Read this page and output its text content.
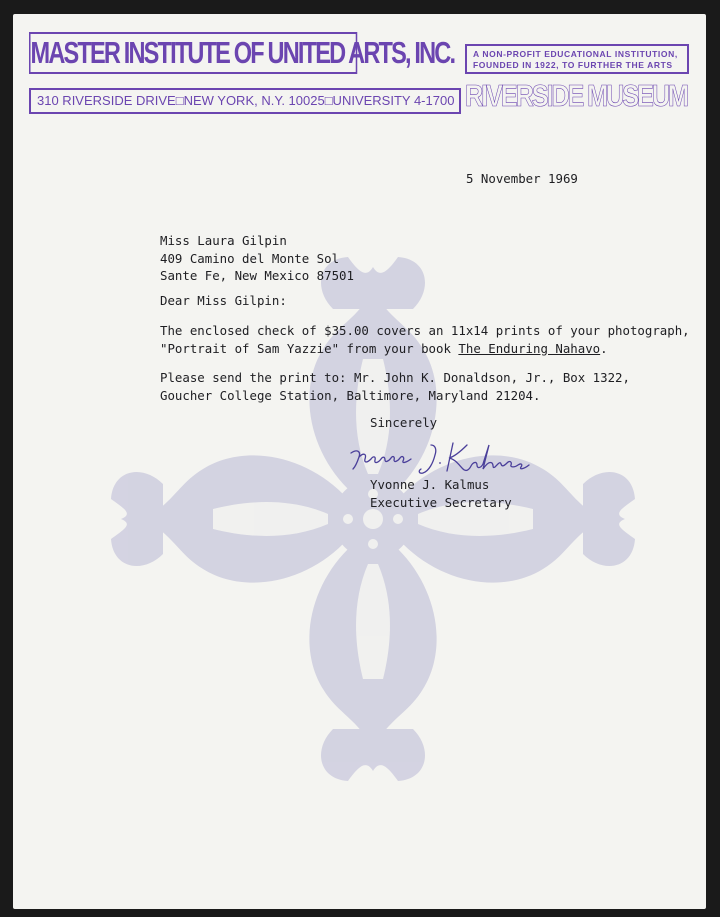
MASTER INSTITUTE OF UNITED ARTS, INC. A NON-PROFIT EDUCATIONAL INSTITUTION,
FOUNDED IN 1922, TO FURTHER THE ARTS
310 RIVERSIDE DRIVE□NEW YORK, N.Y. 10025□UNIVERSITY 4-1700 RIVERSIDE MUSEUM
5 November 1969
Miss Laura Gilpin
409 Camino del Monte Sol
Sante Fe, New Mexico 87501
Dear Miss Gilpin:
The enclosed check of $35.00 covers an 11x14 prints of your photograph,
"Portrait of Sam Yazzie" from your book The Enduring Nahavo.
Please send the print to: Mr. John K. Donaldson, Jr., Box 1322,
Goucher College Station, Baltimore, Maryland 21204.
Sincerely
Yvonne J. Kalmus
Executive Secretary
